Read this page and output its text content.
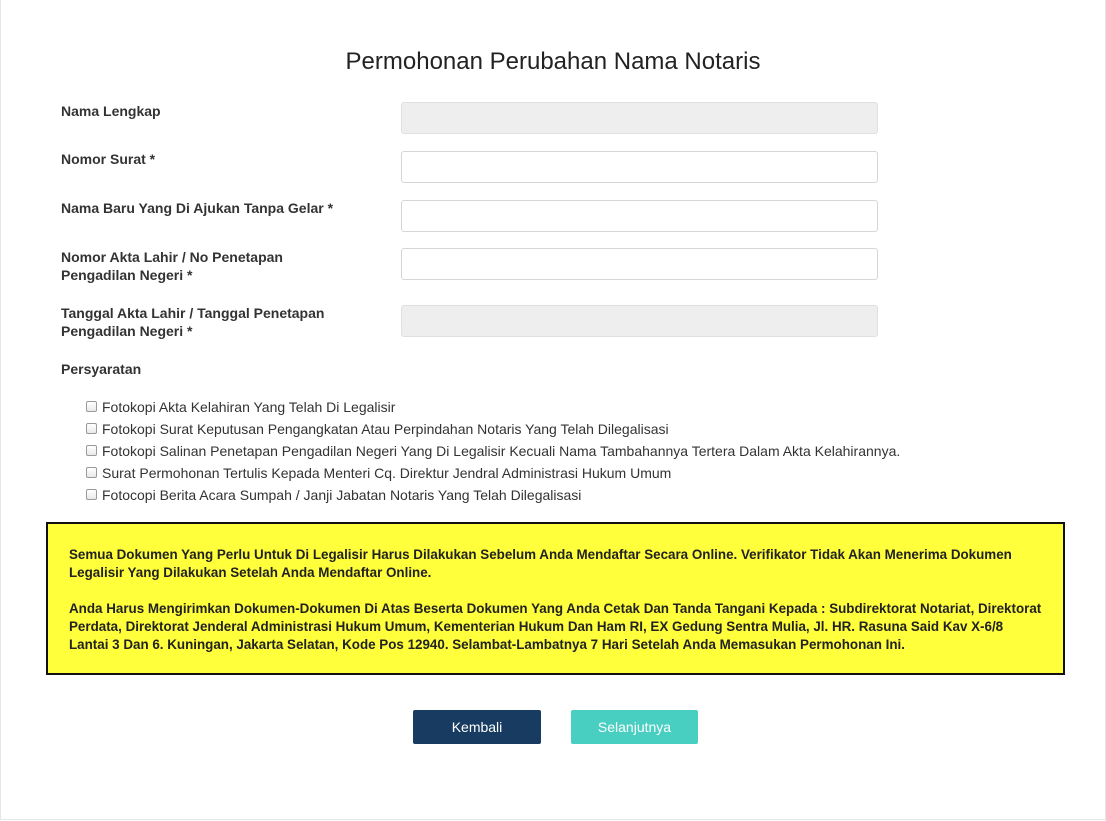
Permohonan Perubahan Nama Notaris
Nama Lengkap
Nomor Surat *
Nama Baru Yang Di Ajukan Tanpa Gelar *
Nomor Akta Lahir / No Penetapan Pengadilan Negeri *
Tanggal Akta Lahir / Tanggal Penetapan Pengadilan Negeri *
Persyaratan
Fotokopi Akta Kelahiran Yang Telah Di Legalisir
Fotokopi Surat Keputusan Pengangkatan Atau Perpindahan Notaris Yang Telah Dilegalisasi
Fotokopi Salinan Penetapan Pengadilan Negeri Yang Di Legalisir Kecuali Nama Tambahannya Tertera Dalam Akta Kelahirannya.
Surat Permohonan Tertulis Kepada Menteri Cq. Direktur Jendral Administrasi Hukum Umum
Fotocopi Berita Acara Sumpah / Janji Jabatan Notaris Yang Telah Dilegalisasi

Semua Dokumen Yang Perlu Untuk Di Legalisir Harus Dilakukan Sebelum Anda Mendaftar Secara Online. Verifikator Tidak Akan Menerima Dokumen Legalisir Yang Dilakukan Setelah Anda Mendaftar Online.

Anda Harus Mengirimkan Dokumen-Dokumen Di Atas Beserta Dokumen Yang Anda Cetak Dan Tanda Tangani Kepada : Subdirektorat Notariat, Direktorat Perdata, Direktorat Jenderal Administrasi Hukum Umum, Kementerian Hukum Dan Ham RI, EX Gedung Sentra Mulia, Jl. HR. Rasuna Said Kav X-6/8 Lantai 3 Dan 6. Kuningan, Jakarta Selatan, Kode Pos 12940. Selambat-Lambatnya 7 Hari Setelah Anda Memasukan Permohonan Ini.

Kembali	Selanjutnya
